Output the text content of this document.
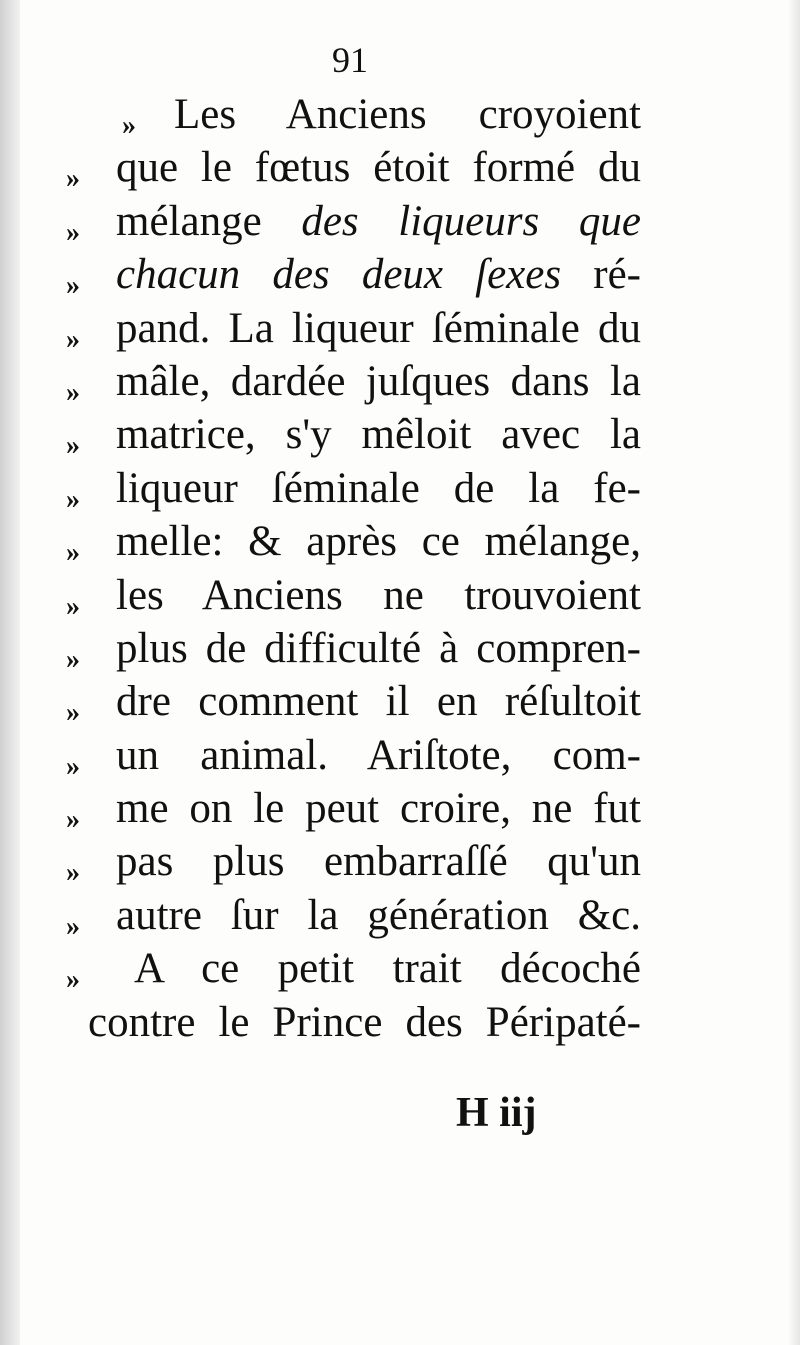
91
»
»
»
»
»
»
»
»
»
»
»
»
»
»
»
»
»
Les Anciens croyoient
que le fœtus étoit formé du
mélange des liqueurs que
chacun des deux ſexes ré-
pand. La liqueur ſéminale du
mâle, dardée juſques dans la
matrice, s'y mêloit avec la
liqueur ſéminale de la fe-
melle: & après ce mélange,
les Anciens ne trouvoient
plus de difficulté à compren-
dre comment il en réſultoit
un animal. Ariſtote, com-
me on le peut croire, ne fut
pas plus embarraſſé qu'un
autre ſur la génération &c.
A ce petit trait décoché
contre le Prince des Péripaté-
H iij
